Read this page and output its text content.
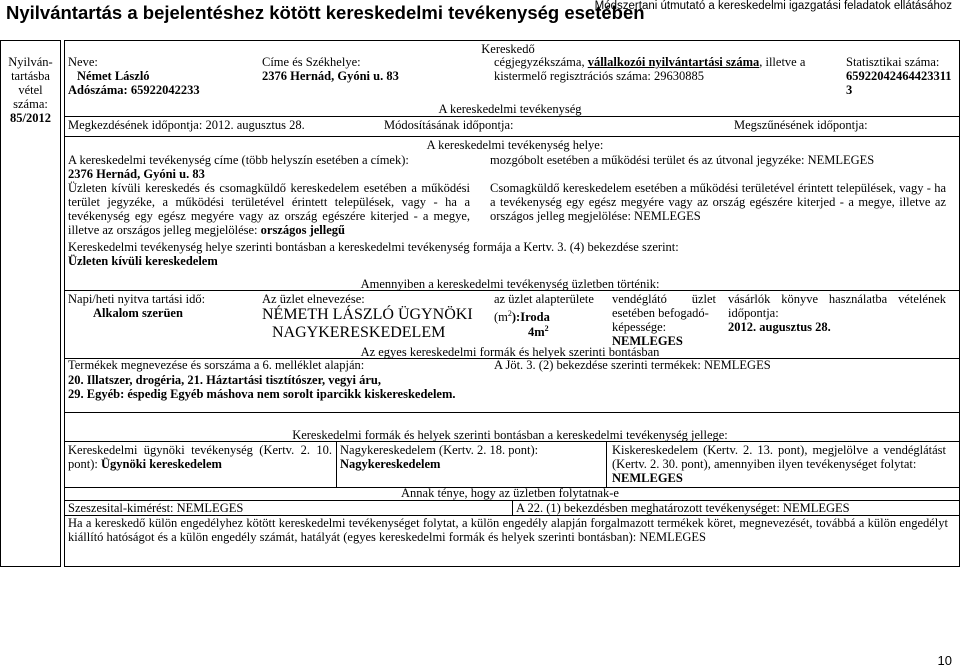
Nyilvántartás a bejelentéshez kötött kereskedelmi tevékenység esetében
Módszertani útmutató a kereskedelmi igazgatási feladatok ellátásához
Nyilván-
tartásba
vétel
száma:
85/2012
Kereskedő
Neve:
Német László
Adószáma: 65922042233
Címe és Székhelye:
2376 Hernád, Gyóni u. 83
cégjegyzékszáma, vállalkozói nyilvántartási száma, illetve a
kistermelő regisztrációs száma: 29630885
Statisztikai száma:
65922042464423311
3
A kereskedelmi tevékenység
Megkezdésének időpontja: 2012. augusztus 28.	Módosításának időpontja:	Megszűnésének időpontja:
A kereskedelmi tevékenység helye:
A kereskedelmi tevékenység címe (több helyszín esetében a címek):
2376 Hernád, Gyóni u. 83
mozgóbolt esetében a működési terület és az útvonal jegyzéke: NEMLEGES
Üzleten kívüli kereskedés és csomagküldő kereskedelem esetében a működési terület jegyzéke, a működési területével érintett települések, vagy - ha a tevékenység egy egész megyére vagy az ország egészére kiterjed - a megye, illetve az országos jelleg megjelölése: országos jellegű
Csomagküldő kereskedelem esetében a működési területével érintett települések, vagy - ha a tevékenység egy egész megyére vagy az ország egészére kiterjed - a megye, illetve az országos jelleg megjelölése: NEMLEGES
Kereskedelmi tevékenység helye szerinti bontásban a kereskedelmi tevékenység formája a Kertv. 3. (4) bekezdése szerint:
Üzleten kívüli kereskedelem
Amennyiben a kereskedelmi tevékenység üzletben történik:
Napi/heti nyitva tartási idő:
Alkalom szerüen
Az üzlet elnevezése:
NÉMETH LÁSZLÓ ÜGYNÖKI
NAGYKERESKEDELEM
az üzlet alapterülete
$(m^2):Iroda$
$4m^2$
vendéglátó üzlet
esetében befogadó-
képessége:
NEMLEGES
vásárlók könyve használatba vételének időpontja:
2012. augusztus 28.
Az egyes kereskedelmi formák és helyek szerinti bontásban
Termékek megnevezése és sorszáma a 6. melléklet alapján:
20. Illatszer, drogéria, 21. Háztartási tisztítószer, vegyi áru,
29. Egyéb: éspedig Egyéb máshova nem sorolt iparcikk kiskereskedelem.
A Jöt. 3. (2) bekezdése szerinti termékek: NEMLEGES
Kereskedelmi formák és helyek szerinti bontásban a kereskedelmi tevékenység jellege:
Kereskedelmi ügynöki tevékenység (Kertv. 2. 10. pont): Ügynöki kereskedelem
Nagykereskedelem (Kertv. 2. 18. pont):
Nagykereskedelem
Kiskereskedelem (Kertv. 2. 13. pont), megjelölve a vendéglátást (Kertv. 2. 30. pont), amennyiben ilyen tevékenységet folytat:
NEMLEGES
Annak ténye, hogy az üzletben folytatnak-e
Szeszesital-kimérést: NEMLEGES	A 22. (1) bekezdésben meghatározott tevékenységet: NEMLEGES
Ha a kereskedő külön engedélyhez kötött kereskedelmi tevékenységet folytat, a külön engedély alapján forgalmazott termékek köret, megnevezését, továbbá a külön engedélyt kiállító hatóságot és a külön engedély számát, hatályát (egyes kereskedelmi formák és helyek szerinti bontásban): NEMLEGES
10
